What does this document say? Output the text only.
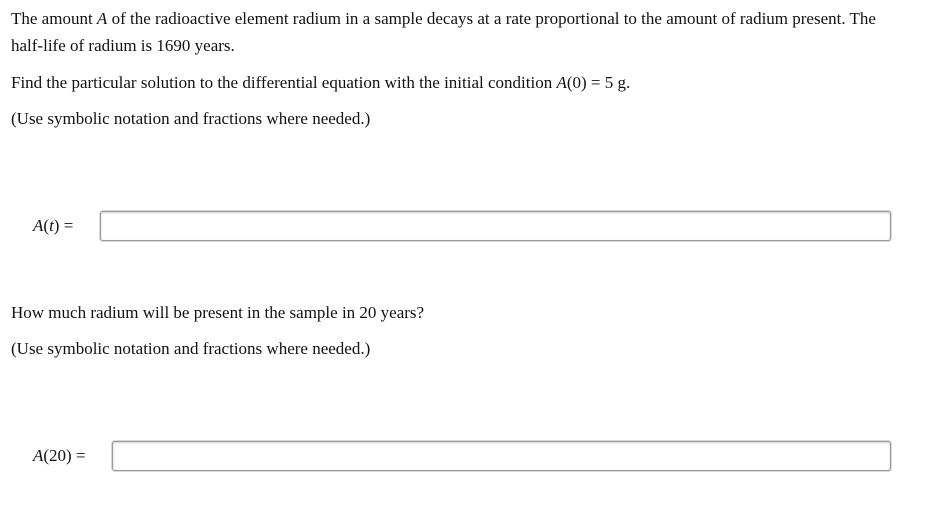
The amount A of the radioactive element radium in a sample decays at a rate proportional to the amount of radium present. The

half-life of radium is 1690 years.

Find the particular solution to the differential equation with the initial condition A(0) = 5 g.

(Use symbolic notation and fractions where needed.)

A(t) =

How much radium will be present in the sample in 20 years?

(Use symbolic notation and fractions where needed.)

A(20) =
